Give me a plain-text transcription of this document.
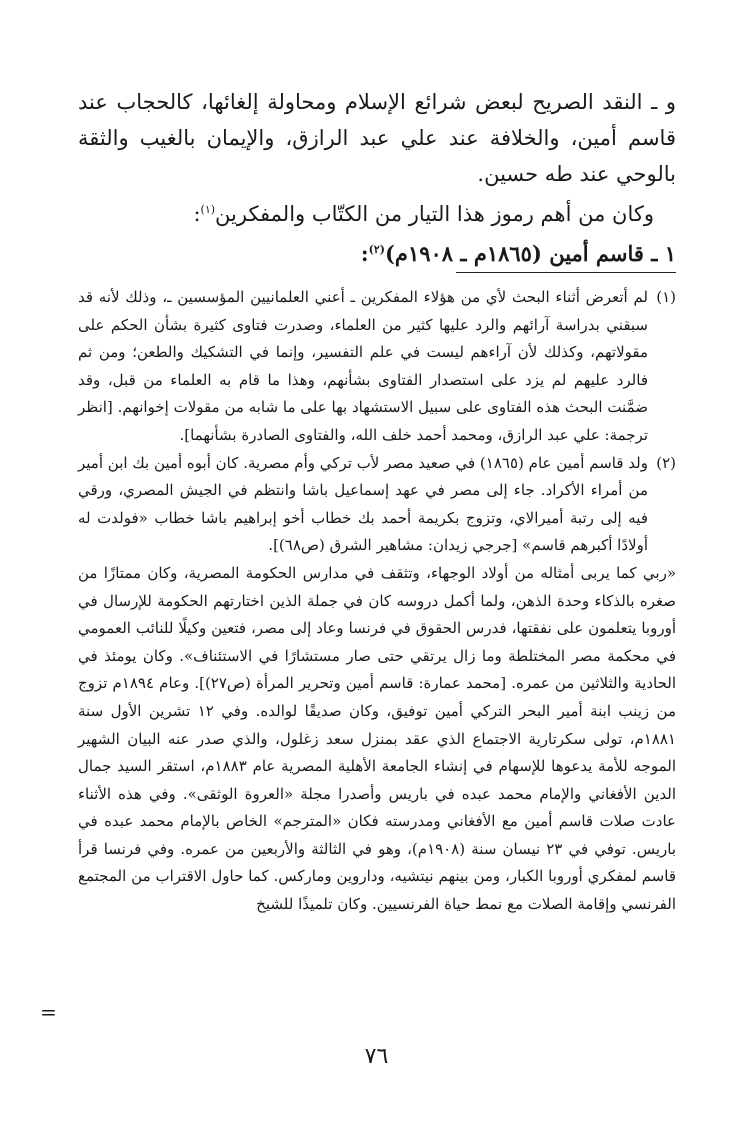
و ـ النقد الصريح لبعض شرائع الإسلام ومحاولة إلغائها، كالحجاب عند قاسم أمين، والخلافة عند علي عبد الرازق، والإيمان بالغيب والثقة بالوحي عند طه حسين.

وكان من أهم رموز هذا التيار من الكتّاب والمفكرين$^{(١)}$:

١ ـ قاسم أمين (١٨٦٥م ـ ١٩٠٨م)$^{(٢)}$:

(١)
لم أتعرض أثناء البحث لأي من هؤلاء المفكرين ـ أعني العلمانيين المؤسسين ـ، وذلك لأنه قد سبقني بدراسة آرائهم والرد عليها كثير من العلماء، وصدرت فتاوى كثيرة بشأن الحكم على مقولاتهم، وكذلك لأن آراءهم ليست في علم التفسير، وإنما في التشكيك والطعن؛ ومن ثم فالرد عليهم لم يزد على استصدار الفتاوى بشأنهم، وهذا ما قام به العلماء من قبل، وقد ضمَّنت البحث هذه الفتاوى على سبيل الاستشهاد بها على ما شابه من مقولات إخوانهم. [انظر ترجمة: علي عبد الرازق، ومحمد أحمد خلف الله، والفتاوى الصادرة بشأنهما].
(٢)
ولد قاسم أمين عام (١٨٦٥) في صعيد مصر لأب تركي وأم مصرية. كان أبوه أمين بك ابن أمير من أمراء الأكراد. جاء إلى مصر في عهد إسماعيل باشا وانتظم في الجيش المصري، ورقي فيه إلى رتبة أميرالاي، وتزوج بكريمة أحمد بك خطاب أخو إبراهيم باشا خطاب «فولدت له أولادًا أكبرهم قاسم» [جرجي زيدان: مشاهير الشرق (ص٦٨)].

«ربي كما يربى أمثاله من أولاد الوجهاء، وتثقف في مدارس الحكومة المصرية، وكان ممتازًا من صغره بالذكاء وحدة الذهن، ولما أكمل دروسه كان في جملة الذين اختارتهم الحكومة للإرسال في أوروبا يتعلمون على نفقتها، فدرس الحقوق في فرنسا وعاد إلى مصر، فتعين وكيلًا للنائب العمومي في محكمة مصر المختلطة وما زال يرتقي حتى صار مستشارًا في الاستئناف». وكان يومئذ في الحادية والثلاثين من عمره. [محمد عمارة: قاسم أمين وتحرير المرأة (ص٢٧)]. وعام ١٨٩٤م تزوج من زينب ابنة أمير البحر التركي أمين توفيق، وكان صديقًا لوالده. وفي ١٢ تشرين الأول سنة ١٨٨١م، تولى سكرتارية الاجتماع الذي عقد بمنزل سعد زغلول، والذي صدر عنه البيان الشهير الموجه للأمة يدعوها للإسهام في إنشاء الجامعة الأهلية المصرية عام ١٨٨٣م، استقر السيد جمال الدين الأفغاني والإمام محمد عبده في باريس وأصدرا مجلة «العروة الوثقى». وفي هذه الأثناء عادت صلات قاسم أمين مع الأفغاني ومدرسته فكان «المترجم» الخاص بالإمام محمد عبده في باريس. توفي في ٢٣ نيسان سنة (١٩٠٨م)، وهو في الثالثة والأربعين من عمره. وفي فرنسا قرأ قاسم لمفكري أوروبا الكبار، ومن بينهم نيتشيه، وداروين وماركس. كما حاول الاقتراب من المجتمع الفرنسي وإقامة الصلات مع نمط حياة الفرنسيين. وكان تلميذًا للشيخ

=
٧٦
